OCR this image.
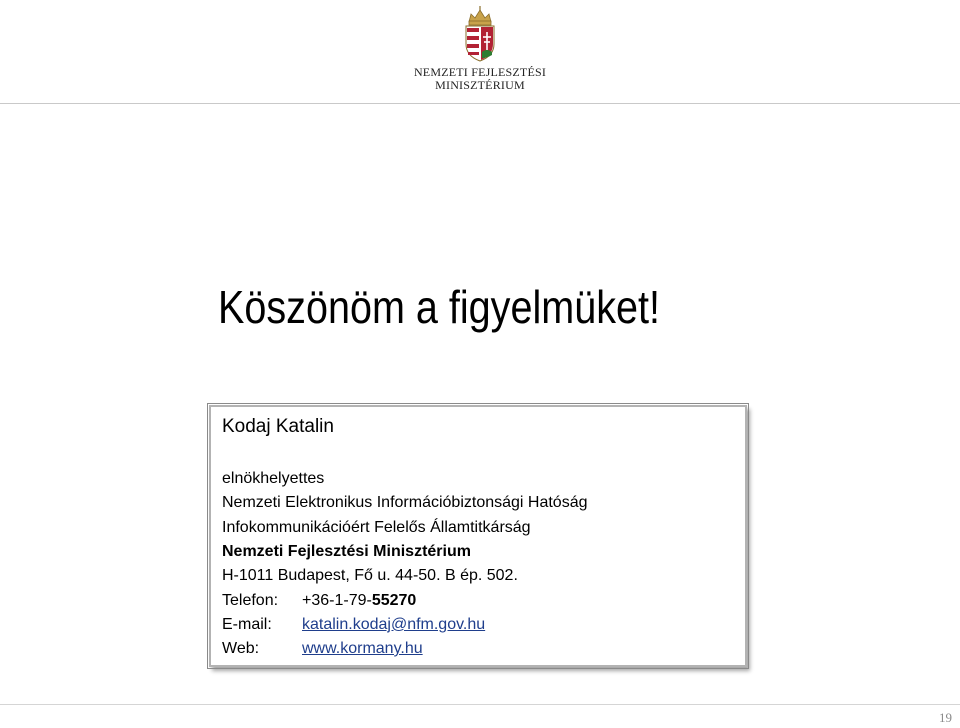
NEMZETI FEJLESZTÉSI
MINISZTÉRIUM
Köszönöm a figyelmüket!
Kodaj Katalin
elnökhelyettes
Nemzeti Elektronikus Információbiztonsági Hatóság
Infokommunikációért Felelős Államtitkárság
Nemzeti Fejlesztési Minisztérium
H-1011 Budapest, Fő u. 44-50. B ép. 502.
Telefon: +36-1-79-55270
E-mail: katalin.kodaj@nfm.gov.hu
Web:	www.kormany.hu
19
